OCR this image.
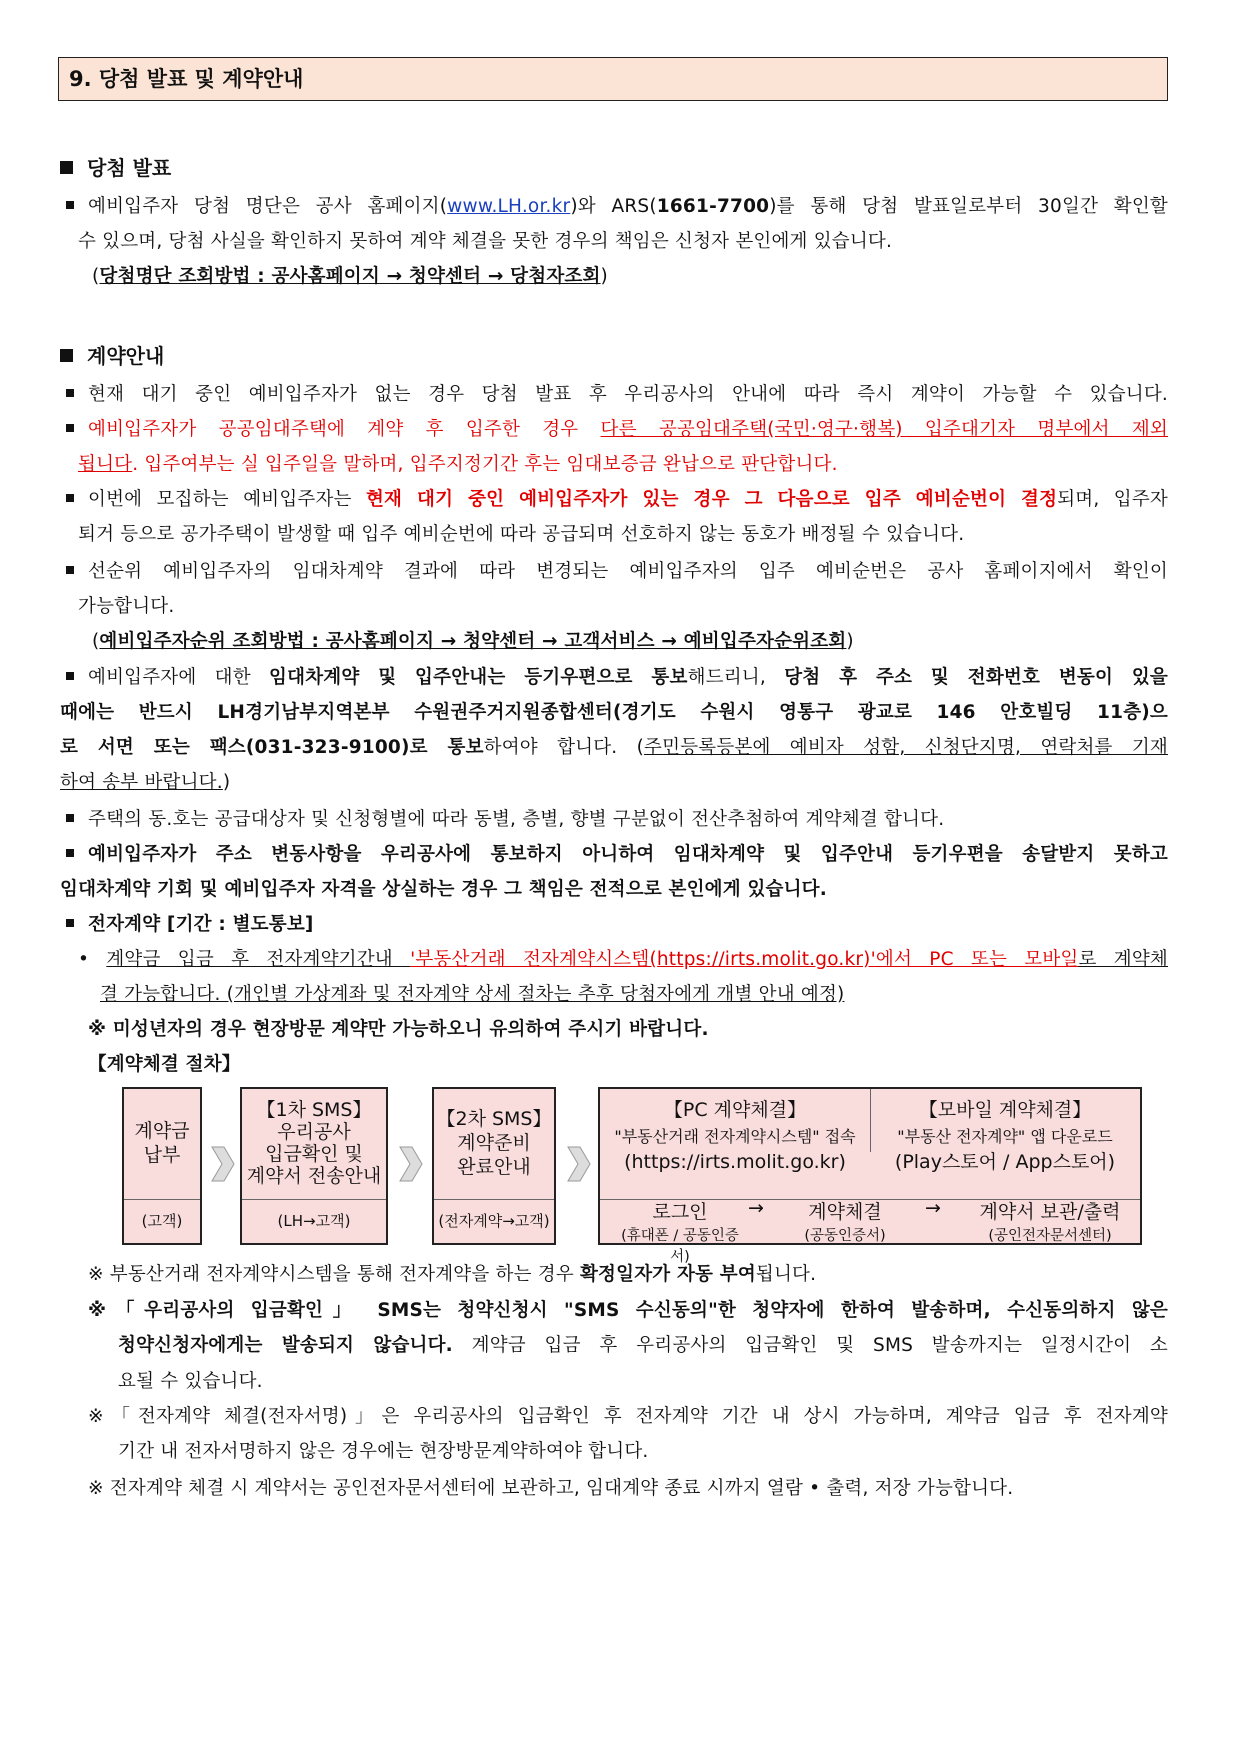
9. 당첨 발표 및 계약안내
당첨 발표
예비입주자 당첨 명단은 공사 홈페이지(www.LH.or.kr)와 ARS(1661-7700)를 통해 당첨 발표일로부터 30일간 확인할
수 있으며, 당첨 사실을 확인하지 못하여 계약 체결을 못한 경우의 책임은 신청자 본인에게 있습니다.
(당첨명단 조회방법 : 공사홈페이지 → 청약센터 → 당첨자조회)
계약안내
현재 대기 중인 예비입주자가 없는 경우 당첨 발표 후 우리공사의 안내에 따라 즉시 계약이 가능할 수 있습니다.
예비입주자가 공공임대주택에 계약 후 입주한 경우 다른 공공임대주택(국민·영구·행복) 입주대기자 명부에서 제외
됩니다. 입주여부는 실 입주일을 말하며, 입주지정기간 후는 임대보증금 완납으로 판단합니다.
이번에 모집하는 예비입주자는 현재 대기 중인 예비입주자가 있는 경우 그 다음으로 입주 예비순번이 결정되며, 입주자
퇴거 등으로 공가주택이 발생할 때 입주 예비순번에 따라 공급되며 선호하지 않는 동호가 배정될 수 있습니다.
선순위 예비입주자의 임대차계약 결과에 따라 변경되는 예비입주자의 입주 예비순번은 공사 홈페이지에서 확인이
가능합니다.
(예비입주자순위 조회방법 : 공사홈페이지 → 청약센터 → 고객서비스 → 예비입주자순위조회)
예비입주자에 대한 임대차계약 및 입주안내는 등기우편으로 통보해드리니, 당첨 후 주소 및 전화번호 변동이 있을
때에는 반드시 LH경기남부지역본부 수원권주거지원종합센터(경기도 수원시 영통구 광교로 146 안호빌딩 11층)으
로 서면 또는 팩스(031-323-9100)로 통보하여야 합니다. (주민등록등본에 예비자 성함, 신청단지명, 연락처를 기재
하여 송부 바랍니다.)
주택의 동.호는 공급대상자 및 신청형별에 따라 동별, 층별, 향별 구분없이 전산추첨하여 계약체결 합니다.
예비입주자가 주소 변동사항을 우리공사에 통보하지 아니하여 임대차계약 및 입주안내 등기우편을 송달받지 못하고
임대차계약 기회 및 예비입주자 자격을 상실하는 경우 그 책임은 전적으로 본인에게 있습니다.
전자계약 [기간 : 별도통보]
• 계약금 입금 후 전자계약기간내 '부동산거래 전자계약시스템(https://irts.molit.go.kr)'에서 PC 또는 모바일로 계약체
결 가능합니다. (개인별 가상계좌 및 전자계약 상세 절차는 추후 당첨자에게 개별 안내 예정)
※ 미성년자의 경우 현장방문 계약만 가능하오니 유의하여 주시기 바랍니다.
【계약체결 절차】
계약금
납부
(고객)
【1차 SMS】
우리공사
입금확인 및
계약서 전송안내
(LH→고객)
【2차 SMS】
계약준비
완료안내
(전자계약→고객)
【PC 계약체결】
"부동산거래 전자계약시스템" 접속
(https://irts.molit.go.kr)
【모바일 계약체결】
"부동산 전자계약" 앱 다운로드
(Play스토어 / App스토어)
로그인
(휴대폰 / 공동인증서)
→	계약체결
(공동인증서)
→	계약서 보관/출력
(공인전자문서센터)
※ 부동산거래 전자계약시스템을 통해 전자계약을 하는 경우 확정일자가 자동 부여됩니다.
※「우리공사의 입금확인」 SMS는 청약신청시 "SMS 수신동의"한 청약자에 한하여 발송하며, 수신동의하지 않은
청약신청자에게는 발송되지 않습니다. 계약금 입금 후 우리공사의 입금확인 및 SMS 발송까지는 일정시간이 소
요될 수 있습니다.
※「전자계약 체결(전자서명)」은 우리공사의 입금확인 후 전자계약 기간 내 상시 가능하며, 계약금 입금 후 전자계약
기간 내 전자서명하지 않은 경우에는 현장방문계약하여야 합니다.
※ 전자계약 체결 시 계약서는 공인전자문서센터에 보관하고, 임대계약 종료 시까지 열람 • 출력, 저장 가능합니다.
